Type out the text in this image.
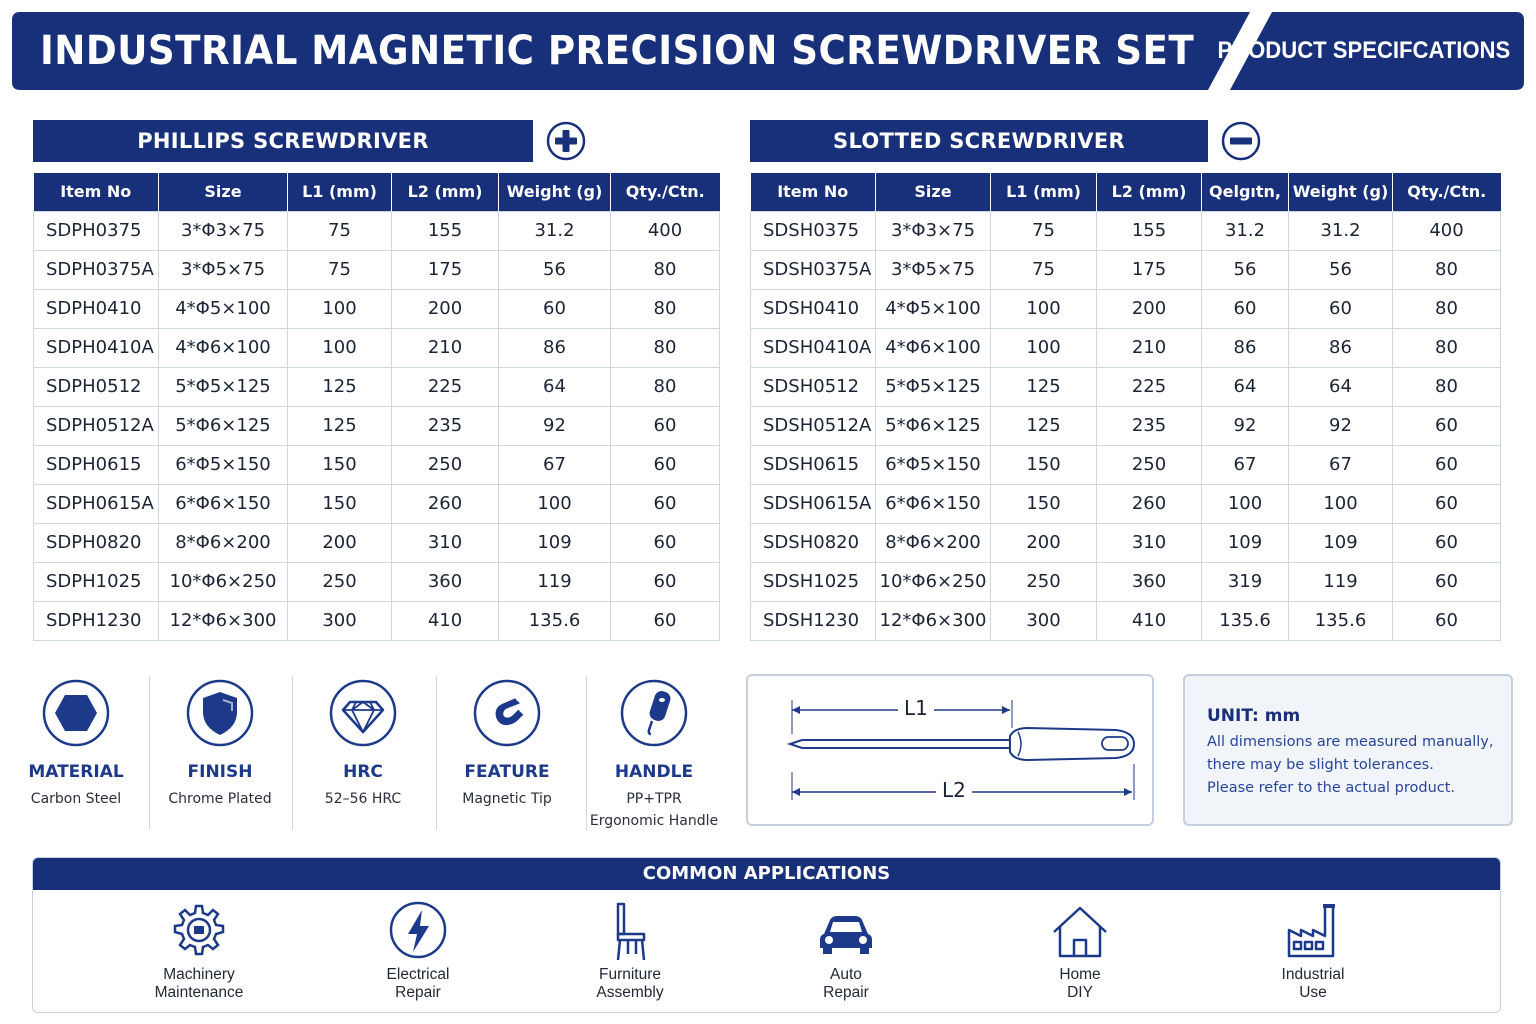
INDUSTRIAL MAGNETIC PRECISION SCREWDRIVER SET PRODUCT SPECIFCATIONS
PHILLIPS SCREWDRIVER
Item No	Size	L1 (mm)	L2 (mm)	Weight (g)	Qty./Ctn.
SDPH0375	3*Φ3×75	75	155	31.2	400
SDPH0375A	3*Φ5×75	75	175	56	80
SDPH0410	4*Φ5×100	100	200	60	80
SDPH0410A	4*Φ6×100	100	210	86	80
SDPH0512	5*Φ5×125	125	225	64	80
SDPH0512A	5*Φ6×125	125	235	92	60
SDPH0615	6*Φ5×150	150	250	67	60
SDPH0615A	6*Φ6×150	150	260	100	60
SDPH0820	8*Φ6×200	200	310	109	60
SDPH1025	10*Φ6×250	250	360	119	60
SDPH1230	12*Φ6×300	300	410	135.6	60
SLOTTED SCREWDRIVER
Item No	Size	L1 (mm)	L2 (mm)	Qelgıtn,	Weight (g)	Qty./Ctn.
SDSH0375	3*Φ3×75	75	155	31.2	31.2	400
SDSH0375A	3*Φ5×75	75	175	56	56	80
SDSH0410	4*Φ5×100	100	200	60	60	80
SDSH0410A	4*Φ6×100	100	210	86	86	80
SDSH0512	5*Φ5×125	125	225	64	64	80
SDSH0512A	5*Φ6×125	125	235	92	92	60
SDSH0615	6*Φ5×150	150	250	67	67	60
SDSH0615A	6*Φ6×150	150	260	100	100	60
SDSH0820	8*Φ6×200	200	310	109	109	60
SDSH1025	10*Φ6×250	250	360	319	119	60
SDSH1230	12*Φ6×300	300	410	135.6	135.6	60
MATERIAL
Carbon Steel
FINISH
Chrome Plated
HRC
52–56 HRC
FEATURE
Magnetic Tip
HANDLE
PP+TPR
Ergonomic Handle
L1
L2
UNIT: mm
All dimensions are measured manually,
there may be slight tolerances.
Please refer to the actual product.
COMMON APPLICATIONS
Machinery
Maintenance
Electrical
Repair
Furniture
Assembly
Auto
Repair
Home
DIY
Industrial
Use
